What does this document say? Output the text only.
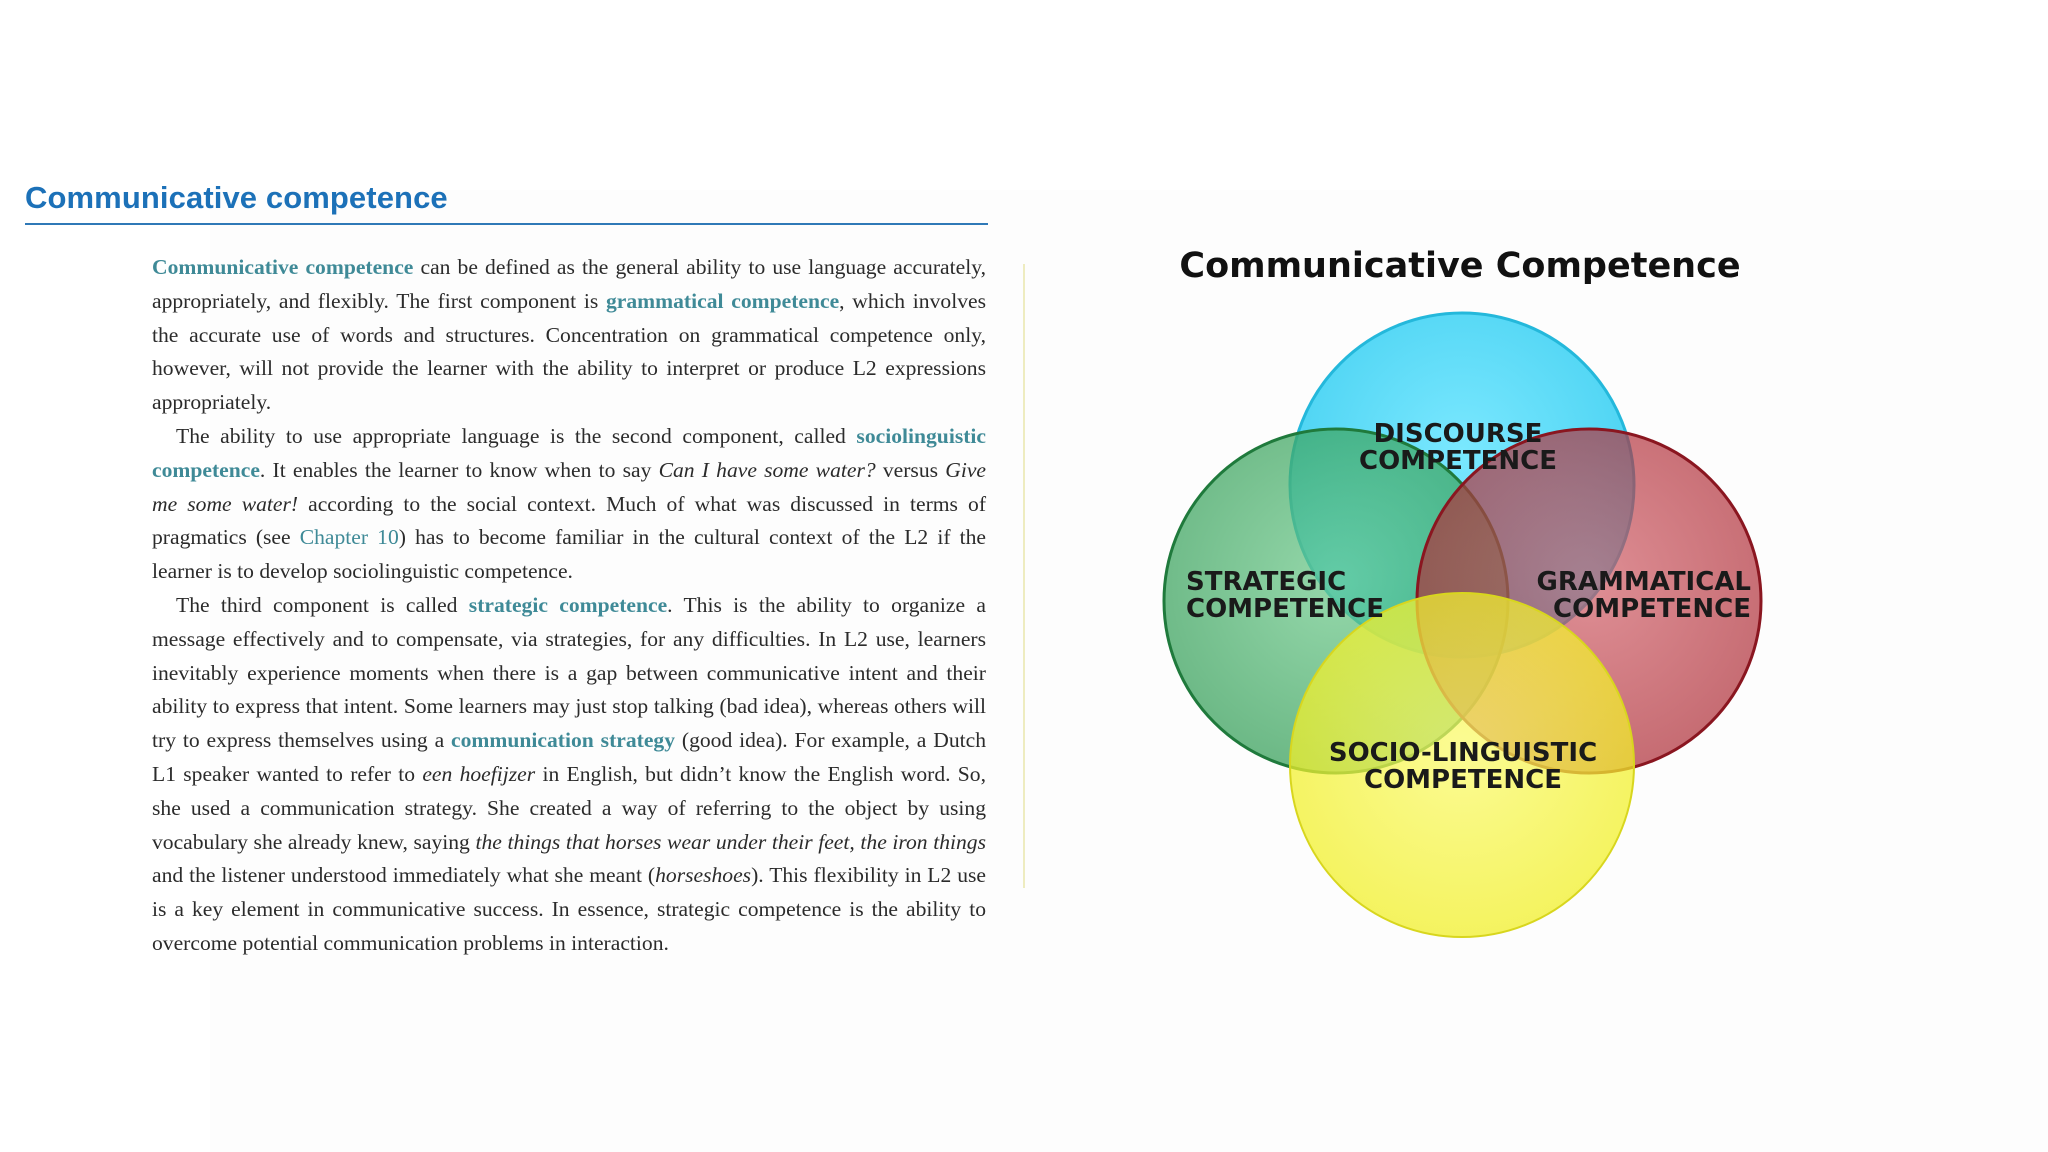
Communicative competence

Communicative competence can be defined as the general ability to use language accurately, appropriately, and flexibly. The first component is grammatical competence, which involves the accurate use of words and structures. Concentration on grammatical competence only, however, will not provide the learner with the ability to interpret or produce L2 expressions appropriately.

The ability to use appropriate language is the second component, called sociolinguistic competence. It enables the learner to know when to say Can I have some water? versus Give me some water! according to the social context. Much of what was discussed in terms of pragmatics (see Chapter 10) has to become familiar in the cultural context of the L2 if the learner is to develop sociolinguistic competence.

The third component is called strategic competence. This is the ability to organize a message effectively and to compensate, via strategies, for any difficulties. In L2 use, learners inevitably experience moments when there is a gap between communicative intent and their ability to express that intent. Some learners may just stop talking (bad idea), whereas others will try to express themselves using a communication strategy (good idea). For example, a Dutch L1 speaker wanted to refer to een hoefijzer in English, but didn’t know the English word. So, she used a communication strategy. She created a way of referring to the object by using vocabulary she already knew, saying the things that horses wear under their feet, the iron things and the listener understood immediately what she meant (horseshoes). This flexibility in L2 use is a key element in communicative success. In essence, strategic competence is the ability to overcome potential communication problems in interaction.

Communicative Competence
DISCOURSE
COMPETENCE
STRATEGIC
COMPETENCE
GRAMMATICAL
COMPETENCE
SOCIO-LINGUISTIC
COMPETENCE
